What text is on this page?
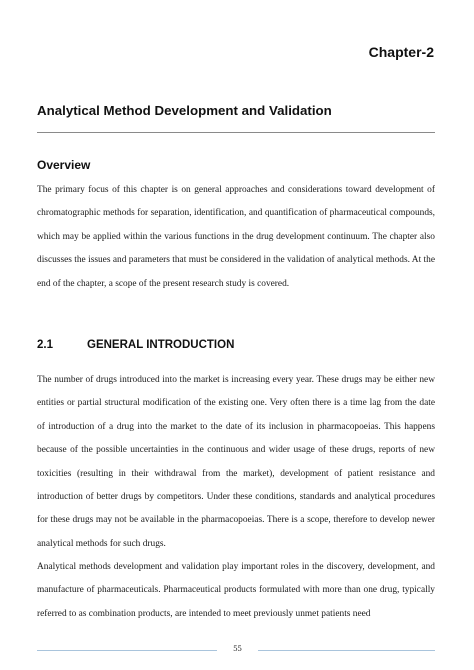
Chapter-2
Analytical Method Development and Validation
Overview

The primary focus of this chapter is on general approaches and considerations toward development of chromatographic methods for separation, identification, and quantification of pharmaceutical compounds, which may be applied within the various functions in the drug development continuum. The chapter also discusses the issues and parameters that must be considered in the validation of analytical methods. At the end of the chapter, a scope of the present research study is covered.

2.1	GENERAL INTRODUCTION

The number of drugs introduced into the market is increasing every year. These drugs may be either new entities or partial structural modification of the existing one. Very often there is a time lag from the date of introduction of a drug into the market to the date of its inclusion in pharmacopoeias. This happens because of the possible uncertainties in the continuous and wider usage of these drugs, reports of new toxicities (resulting in their withdrawal from the market), development of patient resistance and introduction of better drugs by competitors. Under these conditions, standards and analytical procedures for these drugs may not be available in the pharmacopoeias. There is a scope, therefore to develop newer analytical methods for such drugs.

Analytical methods development and validation play important roles in the discovery, development, and manufacture of pharmaceuticals. Pharmaceutical products formulated with more than one drug, typically referred to as combination products, are intended to meet previously unmet patients need

55
